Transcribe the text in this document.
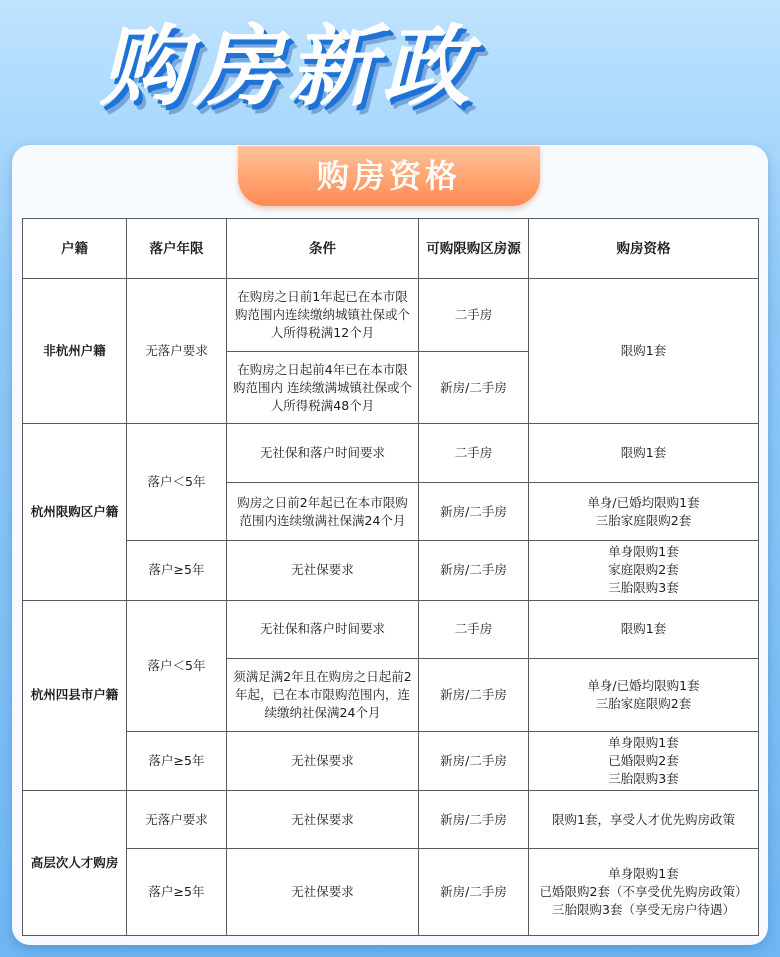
购房新政
购房资格
户籍	落户年限	条件	可购限购区房源	购房资格
非杭州户籍	无落户要求	在购房之日前1年起已在本市限购范围内连续缴纳城镇社保或个人所得税满12个月	二手房	限购1套
		在购房之日起前4年已在本市限购范围内 连续缴满城镇社保或个人所得税满48个月	新房/二手房	
杭州限购区户籍	落户＜5年	无社保和落户时间要求	二手房	限购1套
		购房之日前2年起已在本市限购范围内连续缴满社保满24个月	新房/二手房	单身/已婚均限购1套
三胎家庭限购2套

	落户≥5年	无社保要求	新房/二手房	单身限购1套
家庭限购2套
三胎限购3套

杭州四县市户籍	落户＜5年	无社保和落户时间要求	二手房	限购1套
		须满足满2年且在购房之日起前2年起，已在本市限购范围内，连续缴纳社保满24个月	新房/二手房	单身/已婚均限购1套
三胎家庭限购2套

	落户≥5年	无社保要求	新房/二手房	单身限购1套
已婚限购2套
三胎限购3套

高层次人才购房	无落户要求	无社保要求	新房/二手房	限购1套，享受人才优先购房政策
	落户≥5年	无社保要求	新房/二手房	单身限购1套
已婚限购2套（不享受优先购房政策）
三胎限购3套（享受无房户待遇）
